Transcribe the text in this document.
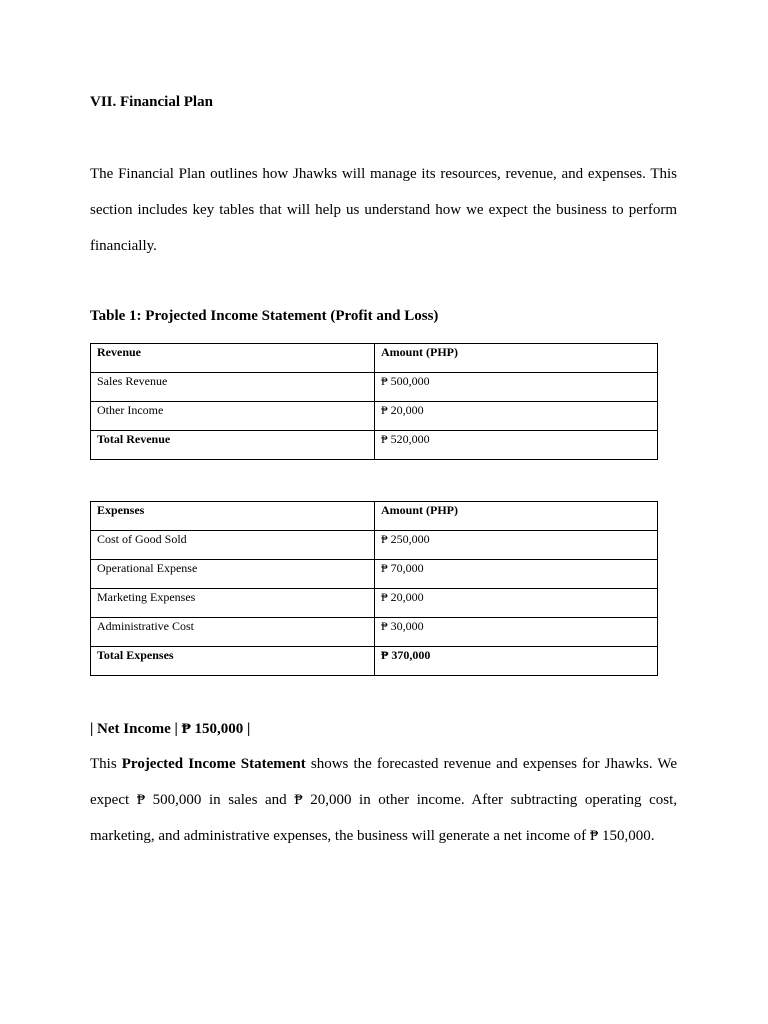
VII. Financial Plan
The Financial Plan outlines how Jhawks will manage its resources, revenue, and expenses. This section includes key tables that will help us understand how we expect the business to perform financially.
Table 1: Projected Income Statement (Profit and Loss)
Revenue	Amount (PHP)

Sales Revenue	₱ 500,000

Other Income	₱ 20,000

Total Revenue	₱ 520,000
Expenses	Amount (PHP)

Cost of Good Sold	₱ 250,000

Operational Expense	₱ 70,000

Marketing Expenses	₱ 20,000

Administrative Cost	₱ 30,000

Total Expenses	₱ 370,000
| Net Income | ₱ 150,000 |
This Projected Income Statement shows the forecasted revenue and expenses for Jhawks. We expect ₱ 500,000 in sales and ₱ 20,000 in other income. After subtracting operating cost, marketing, and administrative expenses, the business will generate a net income of ₱ 150,000.
